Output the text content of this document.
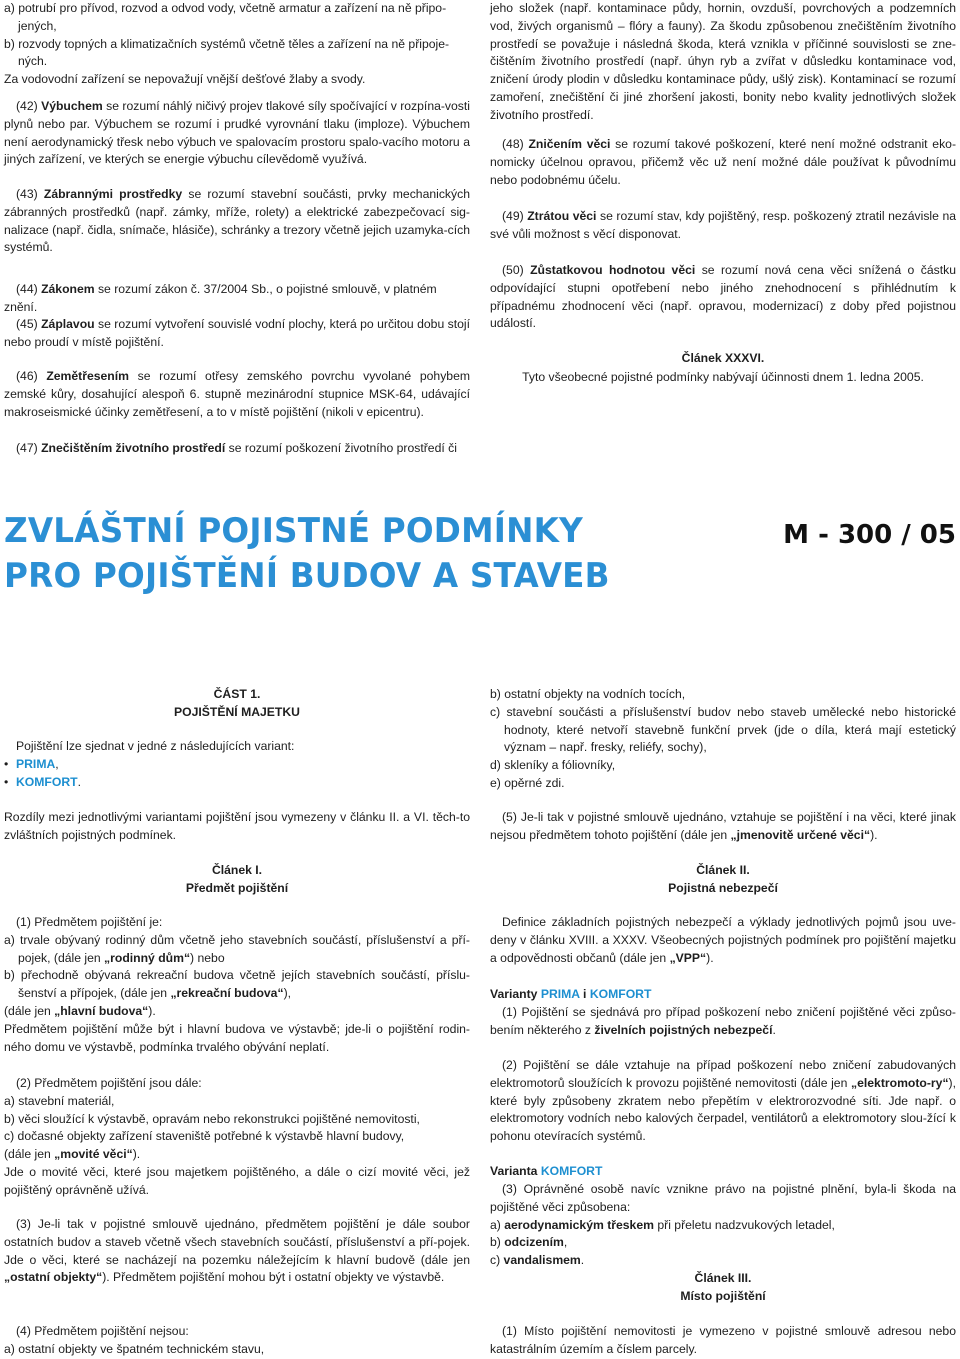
a) potrubí pro přívod, rozvod a odvod vody, včetně armatur a zařízení na ně připo-

jených,

b) rozvody topných a klimatizačních systémů včetně těles a zařízení na ně připoje-

ných.

Za vodovodní zařízení se nepovažují vnější dešťové žlaby a svody.

(42) Výbuchem se rozumí náhlý ničivý projev tlakové síly spočívající v rozpína-vosti plynů nebo par. Výbuchem se rozumí i prudké vyrovnání tlaku (imploze). Výbuchem není aerodynamický třesk nebo výbuch ve spalovacím prostoru spalo-vacího motoru a jiných zařízení, ve kterých se energie výbuchu cílevědomě využívá.
(43) Zábrannými prostředky se rozumí stavební součásti, prvky mechanických zábranných prostředků (např. zámky, mříže, rolety) a elektrické zabezpečovací sig-nalizace (např. čidla, snímače, hlásiče), schránky a trezory včetně jejich uzamyka-cích systémů.
(44) Zákonem se rozumí zákon č. 37/2004 Sb., o pojistné smlouvě, v platném znění.
(45) Záplavou se rozumí vytvoření souvislé vodní plochy, která po určitou dobu stojí nebo proudí v místě pojištění.
(46) Zemětřesením se rozumí otřesy zemského povrchu vyvolané pohybem zemské kůry, dosahující alespoň 6. stupně mezinárodní stupnice MSK-64, udávající makroseismické účinky zemětřesení, a to v místě pojištění (nikoli v epicentru).
(47) Znečištěním životního prostředí se rozumí poškození životního prostředí či
jeho složek (např. kontaminace půdy, hornin, ovzduší, povrchových a podzemních vod, živých organismů – flóry a fauny). Za škodu způsobenou znečištěním životního prostředí se považuje i následná škoda, která vznikla v příčinné souvislosti se zne-čištěním životního prostředí (např. úhyn ryb a zvířat v důsledku kontaminace vod, zničení úrody plodin v důsledku kontaminace půdy, ušlý zisk). Kontaminací se rozumí zamoření, znečištění či jiné zhoršení jakosti, bonity nebo kvality jednotlivých složek životního prostředí.
(48) Zničením věci se rozumí takové poškození, které není možné odstranit eko-nomicky účelnou opravou, přičemž věc už není možné dále používat k původnímu nebo podobnému účelu.
(49) Ztrátou věci se rozumí stav, kdy pojištěný, resp. poškozený ztratil nezávisle na své vůli možnost s věcí disponovat.
(50) Zůstatkovou hodnotou věci se rozumí nová cena věci snížená o částku odpovídající stupni opotřebení nebo jiného znehodnocení s přihlédnutím k případnému zhodnocení věci (např. opravou, modernizací) z doby před pojistnou událostí.
Článek XXXVI.
Tyto všeobecné pojistné podmínky nabývají účinnosti dnem 1. ledna 2005.
ZVLÁŠTNÍ POJISTNÉ PODMÍNKY
PRO POJIŠTĚNÍ BUDOV A STAVEB
M - 300 / 05
ČÁST 1.
POJIŠTĚNÍ MAJETKU

Pojištění lze sjednat v jedné z následujících variant:

• PRIMA,

• KOMFORT.

Rozdíly mezi jednotlivými variantami pojištění jsou vymezeny v článku II. a VI. těch-to zvláštních pojistných podmínek.
Článek I.
Předmět pojištění

(1) Předmětem pojištění je:

a) trvale obývaný rodinný dům včetně jeho stavebních součástí, příslušenství a pří-pojek, (dále jen „rodinný dům“) nebo

b) přechodně obývaná rekreační budova včetně jejích stavebních součástí, příslu-šenství a přípojek, (dále jen „rekreační budova“),

(dále jen „hlavní budova“).

Předmětem pojištění může být i hlavní budova ve výstavbě; jde-li o pojištění rodin-ného domu ve výstavbě, podmínka trvalého obývání neplatí.

(2) Předmětem pojištění jsou dále:

a) stavební materiál,

b) věci sloužící k výstavbě, opravám nebo rekonstrukci pojištěné nemovitosti,

c) dočasné objekty zařízení staveniště potřebné k výstavbě hlavní budovy,

(dále jen „movité věci“).

Jde o movité věci, které jsou majetkem pojištěného, a dále o cizí movité věci, jež pojištěný oprávněně užívá.

(3) Je-li tak v pojistné smlouvě ujednáno, předmětem pojištění je dále soubor ostatních budov a staveb včetně všech stavebních součástí, příslušenství a pří-pojek. Jde o věci, které se nacházejí na pozemku náležejícím k hlavní budově (dále jen „ostatní objekty“). Předmětem pojištění mohou být i ostatní objekty ve výstavbě.

(4) Předmětem pojištění nejsou:

a) ostatní objekty ve špatném technickém stavu,

b) ostatní objekty na vodních tocích,

c) stavební součásti a příslušenství budov nebo staveb umělecké nebo historické hodnoty, které netvoří stavebně funkční prvek (jde o díla, která mají estetický význam – např. fresky, reliéfy, sochy),

d) skleníky a fóliovníky,

e) opěrné zdi.

(5) Je-li tak v pojistné smlouvě ujednáno, vztahuje se pojištění i na věci, které jinak nejsou předmětem tohoto pojištění (dále jen „jmenovitě určené věci“).
Článek II.
Pojistná nebezpečí
Definice základních pojistných nebezpečí a výklady jednotlivých pojmů jsou uve-deny v článku XVIII. a XXXV. Všeobecných pojistných podmínek pro pojištění majetku a odpovědnosti občanů (dále jen „VPP“).
Varianty PRIMA i KOMFORT
(1) Pojištění se sjednává pro případ poškození nebo zničení pojištěné věci způso-bením některého z živelních pojistných nebezpečí.
(2) Pojištění se dále vztahuje na případ poškození nebo zničení zabudovaných elektromotorů sloužících k provozu pojištěné nemovitosti (dále jen „elektromoto-ry“), které byly způsobeny zkratem nebo přepětím v elektrorozvodné síti. Jde např. o elektromotory vodních nebo kalových čerpadel, ventilátorů a elektromotory slou-žící k pohonu otevíracích systémů.
Varianta KOMFORT

(3) Oprávněné osobě navíc vznikne právo na pojistné plnění, byla-li škoda na pojištěné věci způsobena:

a) aerodynamickým třeskem při přeletu nadzvukových letadel,

b) odcizením,

c) vandalismem.

Článek III.
Místo pojištění
(1) Místo pojištění nemovitosti je vymezeno v pojistné smlouvě adresou nebo katastrálním územím a číslem parcely.
